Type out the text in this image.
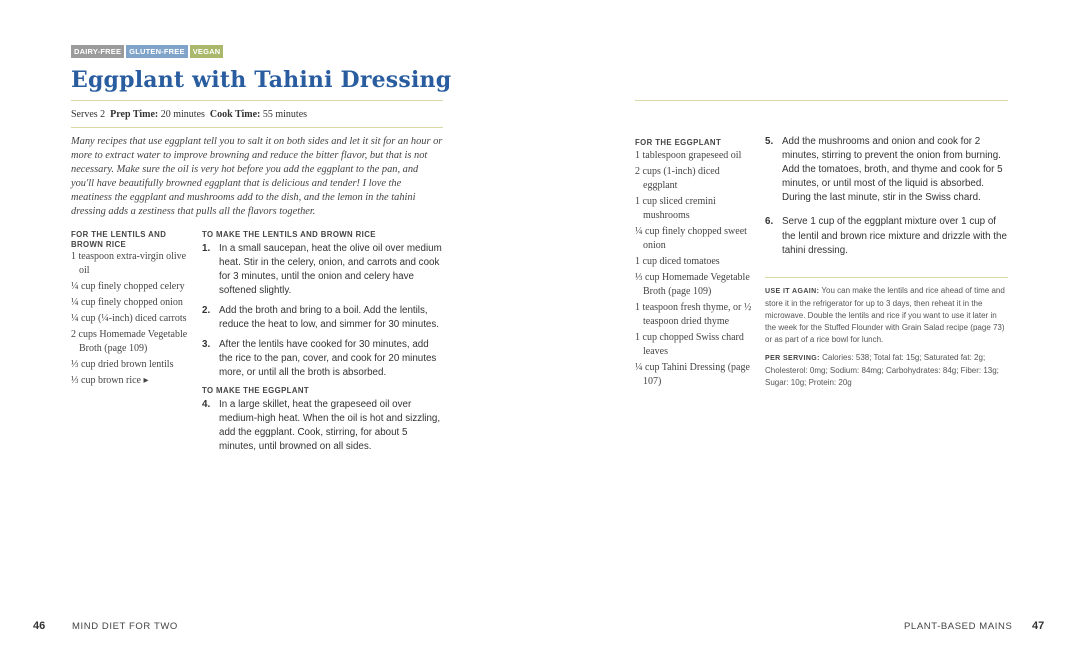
DAIRY-FREE	GLUTEN-FREE	VEGAN
Eggplant with Tahini Dressing
Serves 2 Prep Time: 20 minutes Cook Time: 55 minutes

Many recipes that use eggplant tell you to salt it on both sides and let it sit for an hour or more to extract water to improve browning and reduce the bitter flavor, but that is not necessary. Make sure the oil is very hot before you add the eggplant to the pan, and you'll have beautifully browned eggplant that is delicious and tender! I love the meatiness the eggplant and mushrooms add to the dish, and the lemon in the tahini dressing adds a zestiness that pulls all the flavors together.

FOR THE LENTILS AND BROWN RICE
1 teaspoon extra-virgin olive oil
¼ cup finely chopped celery
¼ cup finely chopped onion
¼ cup (¼-inch) diced carrots
2 cups Homemade Vegetable Broth (page 109)
⅓ cup dried brown lentils
⅓ cup brown rice ▸
TO MAKE THE LENTILS AND BROWN RICE
1. In a small saucepan, heat the olive oil over medium heat. Stir in the celery, onion, and carrots and cook for 3 minutes, until the onion and celery have softened slightly.
2. Add the broth and bring to a boil. Add the lentils, reduce the heat to low, and simmer for 30 minutes.
3. After the lentils have cooked for 30 minutes, add the rice to the pan, cover, and cook for 20 minutes more, or until all the broth is absorbed.
TO MAKE THE EGGPLANT
4. In a large skillet, heat the grapeseed oil over medium-high heat. When the oil is hot and sizzling, add the eggplant. Cook, stirring, for about 5 minutes, until browned on all sides.
46	MIND DIET FOR TWO
FOR THE EGGPLANT
1 tablespoon grapeseed oil
2 cups (1-inch) diced eggplant
1 cup sliced cremini mushrooms
¼ cup finely chopped sweet onion
1 cup diced tomatoes
⅓ cup Homemade Vegetable Broth (page 109)
1 teaspoon fresh thyme, or ½ teaspoon dried thyme
1 cup chopped Swiss chard leaves
¼ cup Tahini Dressing (page 107)
5. Add the mushrooms and onion and cook for 2 minutes, stirring to prevent the onion from burning. Add the tomatoes, broth, and thyme and cook for 5 minutes, or until most of the liquid is absorbed. During the last minute, stir in the Swiss chard.
6. Serve 1 cup of the eggplant mixture over 1 cup of the lentil and brown rice mixture and drizzle with the tahini dressing.
USE IT AGAIN: You can make the lentils and rice ahead of time and store it in the refrigerator for up to 3 days, then reheat it in the microwave. Double the lentils and rice if you want to use it later in the week for the Stuffed Flounder with Grain Salad recipe (page 73) or as part of a rice bowl for lunch.
PER SERVING: Calories: 538; Total fat: 15g; Saturated fat: 2g; Cholesterol: 0mg; Sodium: 84mg; Carbohydrates: 84g; Fiber: 13g; Sugar: 10g; Protein: 20g
PLANT-BASED MAINS 47
